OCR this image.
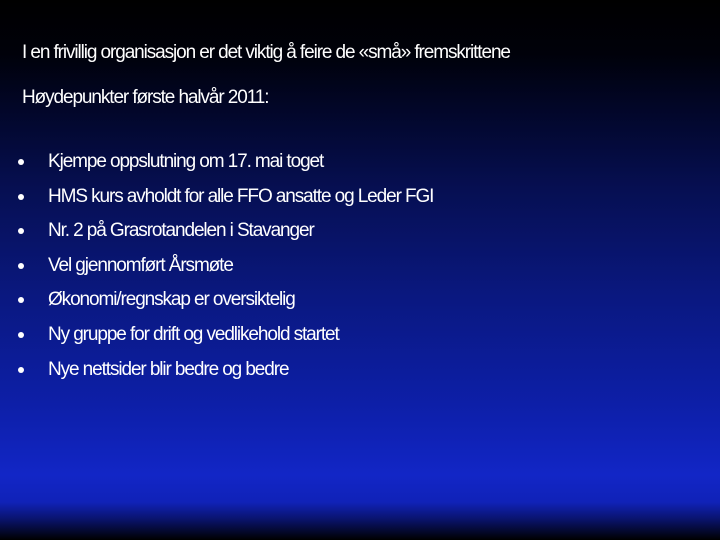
I en frivillig organisasjon er det viktig å feire de «små» fremskrittene
Høydepunkter første halvår 2011:
Kjempe oppslutning om 17. mai toget
HMS kurs avholdt for alle FFO ansatte og Leder FGI
Nr. 2 på Grasrotandelen i Stavanger
Vel gjennomført Årsmøte
Økonomi/regnskap er oversiktelig
Ny gruppe for drift og vedlikehold startet
Nye nettsider blir bedre og bedre
